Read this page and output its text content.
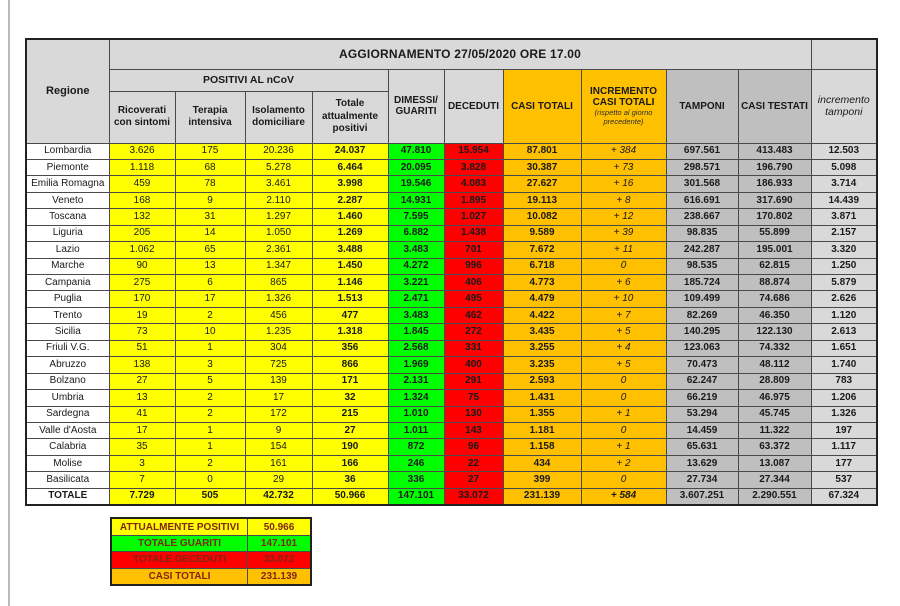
Regione	AGGIORNAMENTO 27/05/2020 ORE 17.00										
	POSITIVI AL nCoV				DIMESSI/ GUARITI	DECEDUTI	CASI TOTALI	INCREMENTO CASI TOTALI
(rispetto al giorno precedente)	TAMPONI	CASI TESTATI	incremento tamponi
	Ricoverati con sintomi	Terapia intensiva	Isolamento domiciliare	Totale attualmente positivi							
Lombardia	3.626	175	20.236	24.037	47.810	15.954	87.801	+ 384	697.561	413.483	12.503
Piemonte	1.118	68	5.278	6.464	20.095	3.828	30.387	+ 73	298.571	196.790	5.098
Emilia Romagna	459	78	3.461	3.998	19.546	4.083	27.627	+ 16	301.568	186.933	3.714
Veneto	168	9	2.110	2.287	14.931	1.895	19.113	+ 8	616.691	317.690	14.439
Toscana	132	31	1.297	1.460	7.595	1.027	10.082	+ 12	238.667	170.802	3.871
Liguria	205	14	1.050	1.269	6.882	1.438	9.589	+ 39	98.835	55.899	2.157
Lazio	1.062	65	2.361	3.488	3.483	701	7.672	+ 11	242.287	195.001	3.320
Marche	90	13	1.347	1.450	4.272	996	6.718	0	98.535	62.815	1.250
Campania	275	6	865	1.146	3.221	406	4.773	+ 6	185.724	88.874	5.879
Puglia	170	17	1.326	1.513	2.471	495	4.479	+ 10	109.499	74.686	2.626
Trento	19	2	456	477	3.483	462	4.422	+ 7	82.269	46.350	1.120
Sicilia	73	10	1.235	1.318	1.845	272	3.435	+ 5	140.295	122.130	2.613
Friuli V.G.	51	1	304	356	2.568	331	3.255	+ 4	123.063	74.332	1.651
Abruzzo	138	3	725	866	1.969	400	3.235	+ 5	70.473	48.112	1.740
Bolzano	27	5	139	171	2.131	291	2.593	0	62.247	28.809	783
Umbria	13	2	17	32	1.324	75	1.431	0	66.219	46.975	1.206
Sardegna	41	2	172	215	1.010	130	1.355	+ 1	53.294	45.745	1.326
Valle d'Aosta	17	1	9	27	1.011	143	1.181	0	14.459	11.322	197
Calabria	35	1	154	190	872	96	1.158	+ 1	65.631	63.372	1.117
Molise	3	2	161	166	246	22	434	+ 2	13.629	13.087	177
Basilicata	7	0	29	36	336	27	399	0	27.734	27.344	537
TOTALE	7.729	505	42.732	50.966	147.101	33.072	231.139	+ 584	3.607.251	2.290.551	67.324
ATTUALMENTE POSITIVI	50.966
TOTALE GUARITI	147.101
TOTALE DECEDUTI	33.072
CASI TOTALI	231.139
